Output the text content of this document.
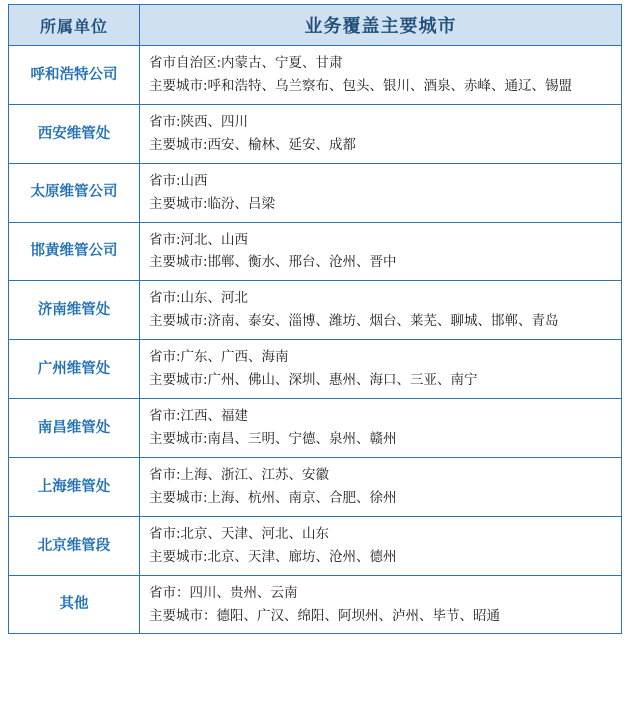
所属单位	业务覆盖主要城市
呼和浩特公司	省市自治区:内蒙古、宁夏、甘肃
主要城市:呼和浩特、乌兰察布、包头、银川、酒泉、赤峰、通辽、锡盟

西安维管处	省市:陕西、四川
主要城市:西安、榆林、延安、成都

太原维管公司	省市:山西
主要城市:临汾、吕梁

邯黄维管公司	省市:河北、山西
主要城市:邯郸、衡水、邢台、沧州、晋中

济南维管处	省市:山东、河北
主要城市:济南、泰安、淄博、潍坊、烟台、莱芜、聊城、邯郸、青岛

广州维管处	省市:广东、广西、海南
主要城市:广州、佛山、深圳、惠州、海口、三亚、南宁

南昌维管处	省市:江西、福建
主要城市:南昌、三明、宁德、泉州、赣州

上海维管处	省市:上海、浙江、江苏、安徽
主要城市:上海、杭州、南京、合肥、徐州

北京维管段	省市:北京、天津、河北、山东
主要城市:北京、天津、廊坊、沧州、德州

其他	省市：四川、贵州、云南
主要城市：德阳、广汉、绵阳、阿坝州、泸州、毕节、昭通
